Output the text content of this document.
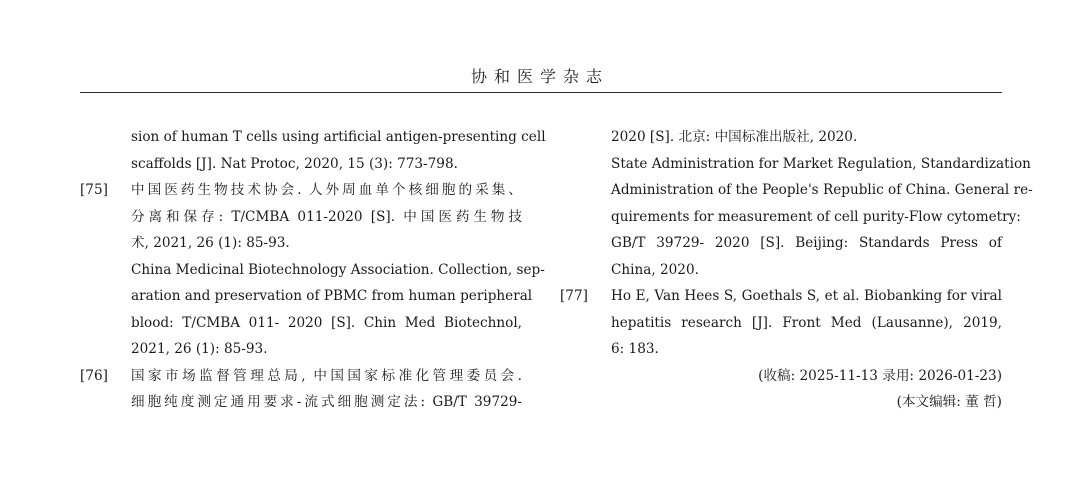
协和医学杂志
sion of human T cells using artificial antigen-presenting cell
scaffolds [J]. Nat Protoc, 2020, 15 (3): 773-798.
[75]	中国医药生物技术协会. 人外周血单个核细胞的采集、
分离和保存: T/CMBA 011-2020 [S]. 中国医药生物技
术, 2021, 26 (1): 85-93.
China Medicinal Biotechnology Association. Collection, sep-
aration and preservation of PBMC from human peripheral
blood: T/CMBA 011- 2020 [S]. Chin Med Biotechnol,
2021, 26 (1): 85-93.
[76]	国家市场监督管理总局, 中国国家标准化管理委员会.
细胞纯度测定通用要求-流式细胞测定法: GB/T 39729-
2020 [S]. 北京: 中国标准出版社, 2020.
State Administration for Market Regulation, Standardization
Administration of the People's Republic of China. General re-
quirements for measurement of cell purity-Flow cytometry:
GB/T 39729- 2020 [S]. Beijing: Standards Press of
China, 2020.
[77]	Ho E, Van Hees S, Goethals S, et al. Biobanking for viral
hepatitis research [J]. Front Med (Lausanne), 2019,
6: 183.
(收稿: 2025-11-13 录用: 2026-01-23)
(本文编辑: 董 哲)
